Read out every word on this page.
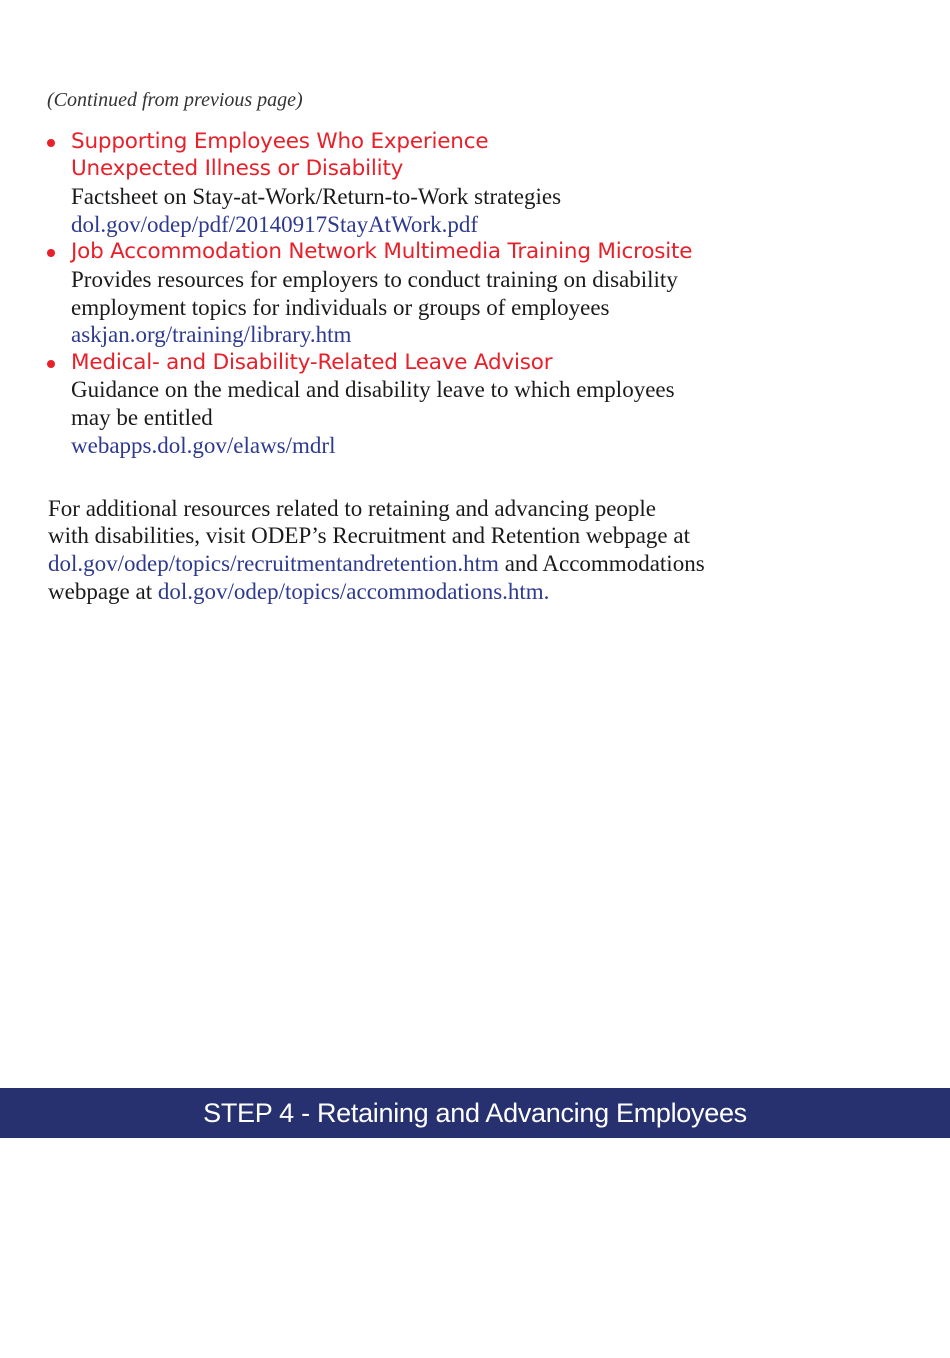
(Continued from previous page)
Supporting Employees Who Experience
Unexpected Illness or Disability
Factsheet on Stay-at-Work/Return-to-Work strategies
dol.gov/odep/pdf/20140917StayAtWork.pdf
Job Accommodation Network Multimedia Training Microsite
Provides resources for employers to conduct training on disability
employment topics for individuals or groups of employees
askjan.org/training/library.htm
Medical- and Disability-Related Leave Advisor
Guidance on the medical and disability leave to which employees
may be entitled
webapps.dol.gov/elaws/mdrl
For additional resources related to retaining and advancing people
with disabilities, visit ODEP’s Recruitment and Retention webpage at
dol.gov/odep/topics/recruitmentandretention.htm and Accommodations
webpage at dol.gov/odep/topics/accommodations.htm.
STEP 4 - Retaining and Advancing Employees
